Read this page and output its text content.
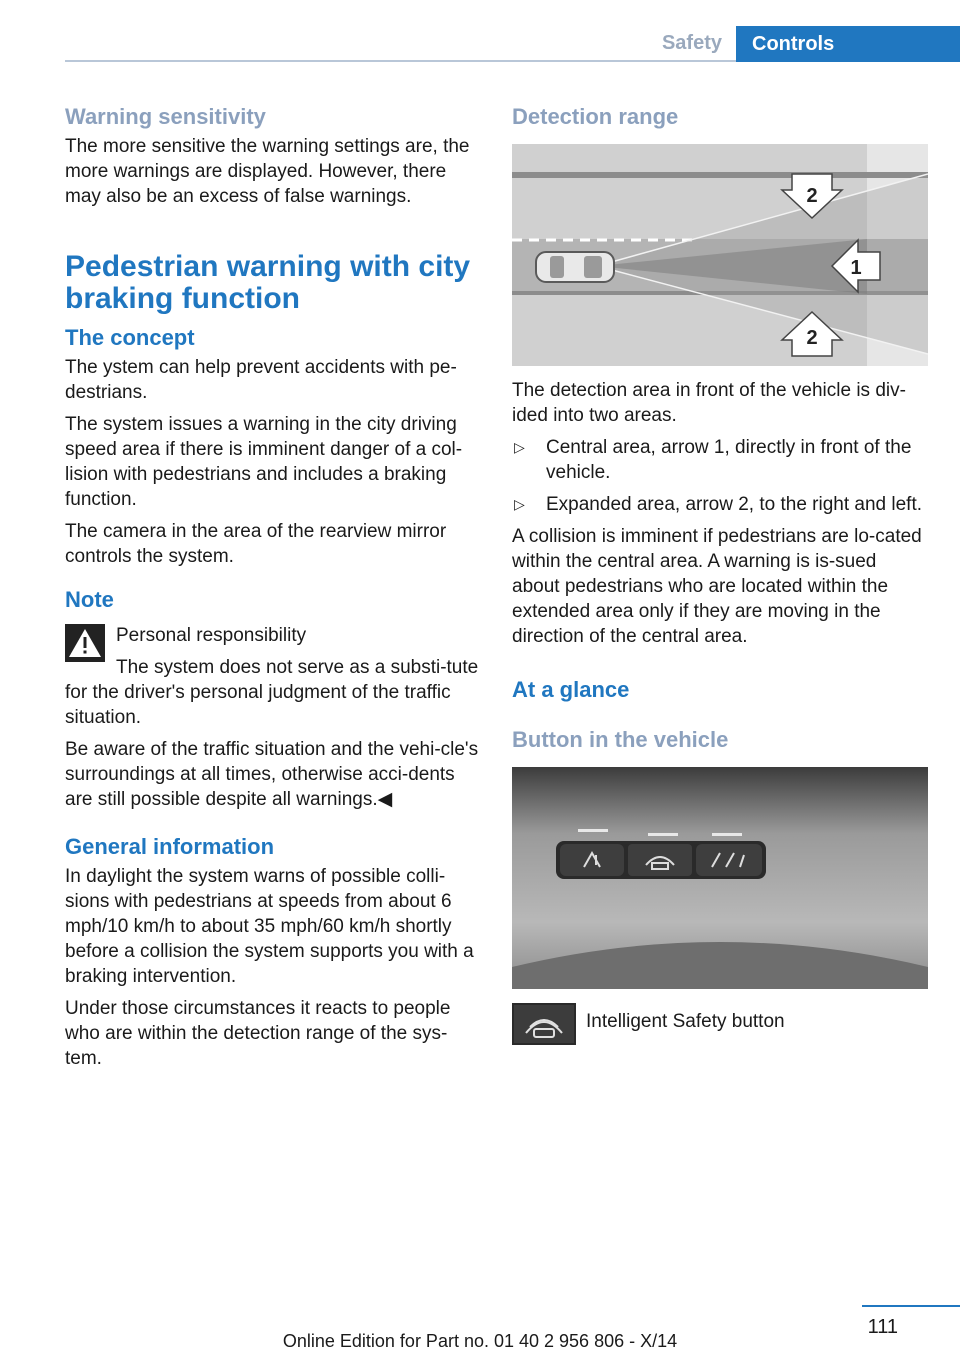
Safety	Controls
Warning sensitivity

The more sensitive the warning settings are, the more warnings are displayed. However, there may also be an excess of false warnings.

Pedestrian warning with city braking function
The concept

The ystem can help prevent accidents with pe‐destrians.

The system issues a warning in the city driving speed area if there is imminent danger of a col‐lision with pedestrians and includes a braking function.

The camera in the area of the rearview mirror controls the system.

Note

Personal responsibility

The system does not serve as a substi‐tute for the driver's personal judgment of the traffic situation.

Be aware of the traffic situation and the vehi‐cle's surroundings at all times, otherwise acci‐dents are still possible despite all warnings.◀

General information

In daylight the system warns of possible colli‐sions with pedestrians at speeds from about 6 mph/10 km/h to about 35 mph/60 km/h shortly before a collision the system supports you with a braking intervention.

Under those circumstances it reacts to people who are within the detection range of the sys‐tem.

Detection range
2
1
2

The detection area in front of the vehicle is div‐ided into two areas.

▷ Central area, arrow 1, directly in front of the vehicle.

▷ Expanded area, arrow 2, to the right and left.

A collision is imminent if pedestrians are lo‐cated within the central area. A warning is is‐sued about pedestrians who are located within the extended area only if they are moving in the direction of the central area.

At a glance
Button in the vehicle

Intelligent Safety button

111
Online Edition for Part no. 01 40 2 956 806 - X/14
